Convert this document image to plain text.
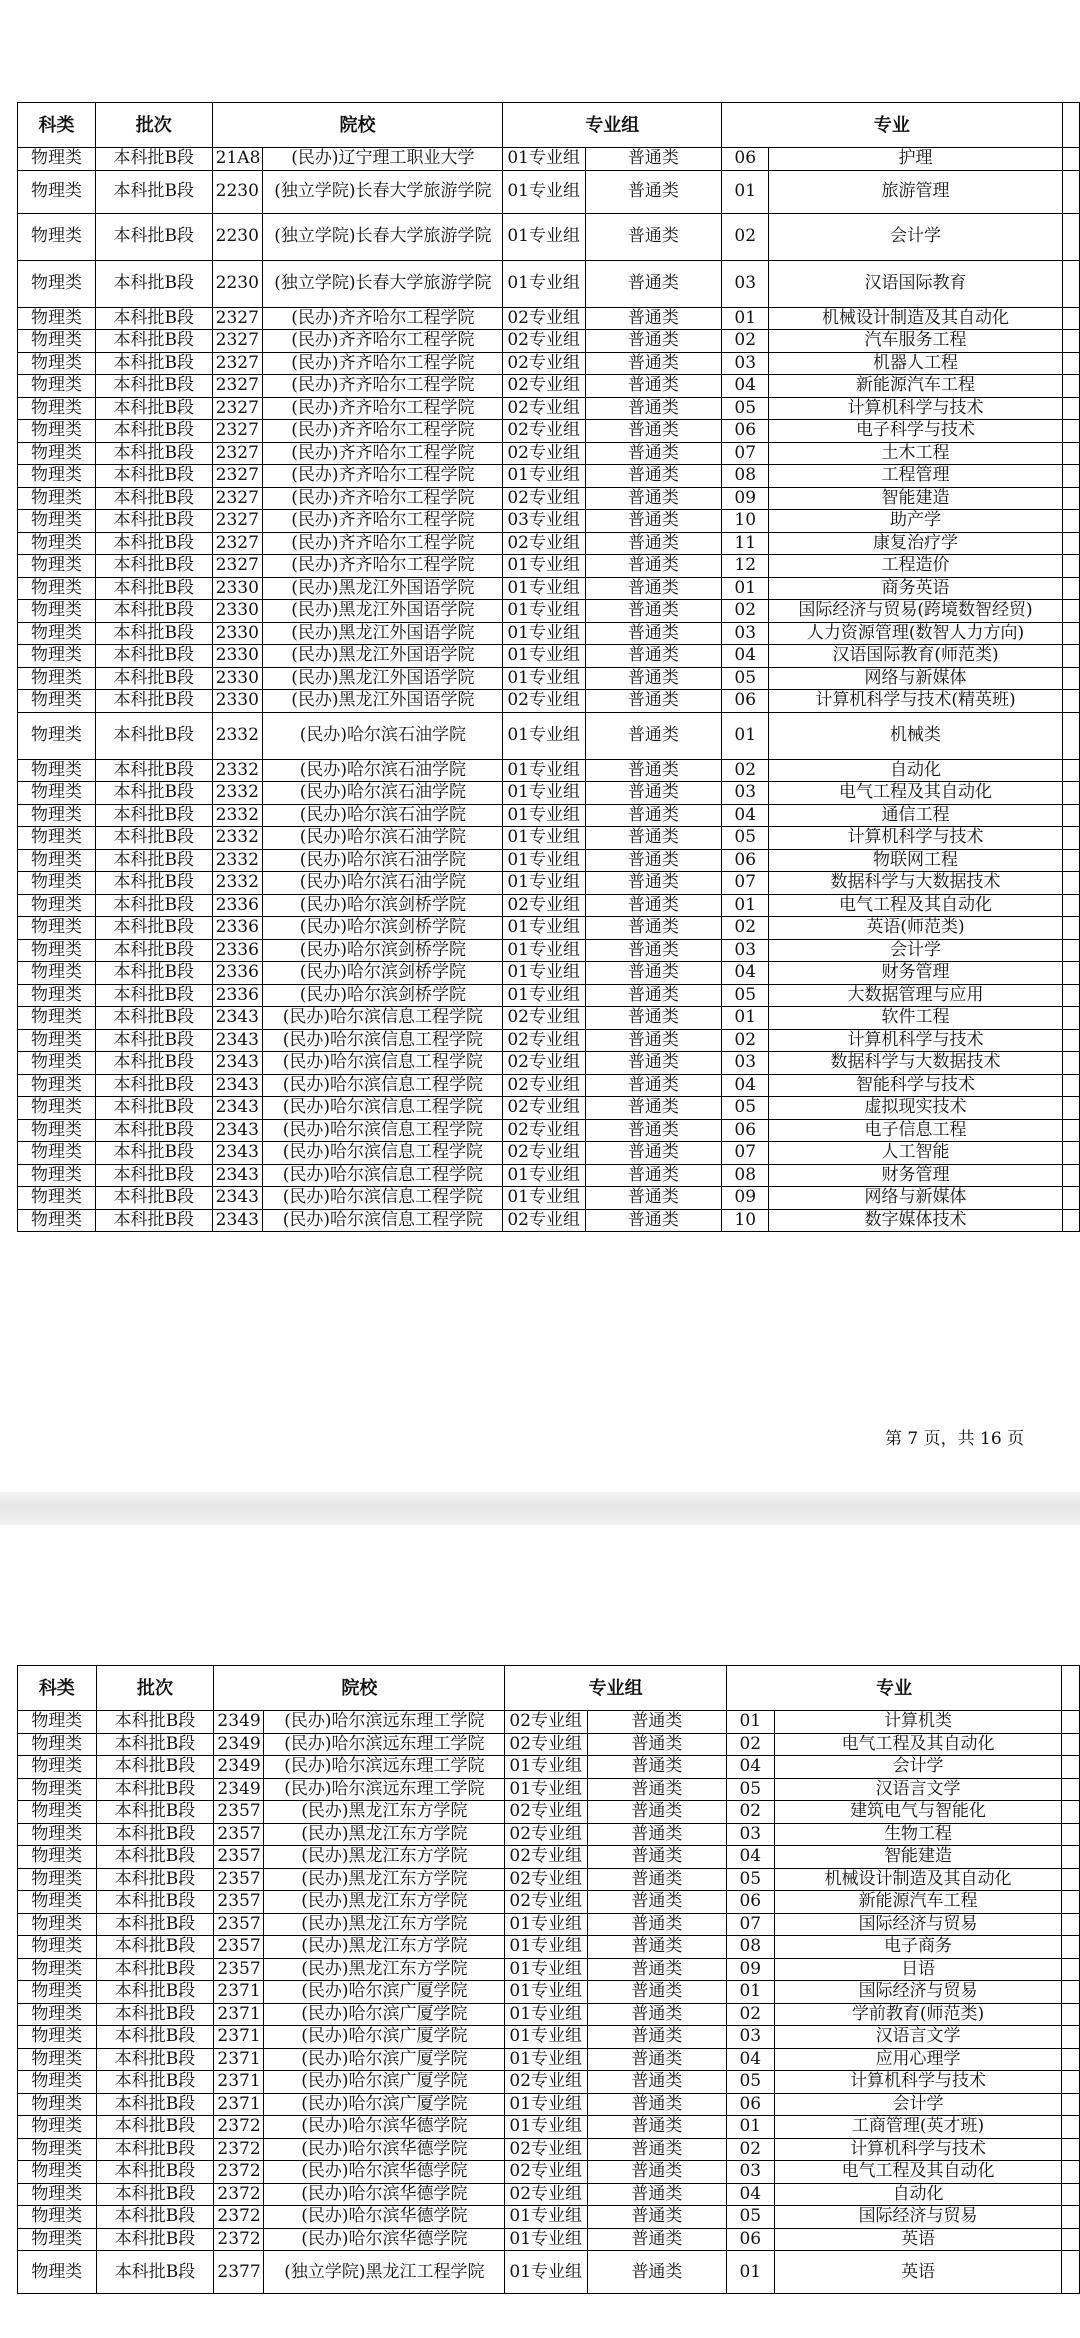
科类	批次	院校		专业组		专业		
物理类	本科批B段	21A8	(民办)辽宁理工职业大学	01专业组	普通类	06	护理	
物理类	本科批B段	2230	(独立学院)长春大学旅游学院	01专业组	普通类	01	旅游管理	
物理类	本科批B段	2230	(独立学院)长春大学旅游学院	01专业组	普通类	02	会计学	
物理类	本科批B段	2230	(独立学院)长春大学旅游学院	01专业组	普通类	03	汉语国际教育	
物理类	本科批B段	2327	(民办)齐齐哈尔工程学院	02专业组	普通类	01	机械设计制造及其自动化	
物理类	本科批B段	2327	(民办)齐齐哈尔工程学院	02专业组	普通类	02	汽车服务工程	
物理类	本科批B段	2327	(民办)齐齐哈尔工程学院	02专业组	普通类	03	机器人工程	
物理类	本科批B段	2327	(民办)齐齐哈尔工程学院	02专业组	普通类	04	新能源汽车工程	
物理类	本科批B段	2327	(民办)齐齐哈尔工程学院	02专业组	普通类	05	计算机科学与技术	
物理类	本科批B段	2327	(民办)齐齐哈尔工程学院	02专业组	普通类	06	电子科学与技术	
物理类	本科批B段	2327	(民办)齐齐哈尔工程学院	02专业组	普通类	07	土木工程	
物理类	本科批B段	2327	(民办)齐齐哈尔工程学院	01专业组	普通类	08	工程管理	
物理类	本科批B段	2327	(民办)齐齐哈尔工程学院	02专业组	普通类	09	智能建造	
物理类	本科批B段	2327	(民办)齐齐哈尔工程学院	03专业组	普通类	10	助产学	
物理类	本科批B段	2327	(民办)齐齐哈尔工程学院	02专业组	普通类	11	康复治疗学	
物理类	本科批B段	2327	(民办)齐齐哈尔工程学院	01专业组	普通类	12	工程造价	
物理类	本科批B段	2330	(民办)黑龙江外国语学院	01专业组	普通类	01	商务英语	
物理类	本科批B段	2330	(民办)黑龙江外国语学院	01专业组	普通类	02	国际经济与贸易(跨境数智经贸)	
物理类	本科批B段	2330	(民办)黑龙江外国语学院	01专业组	普通类	03	人力资源管理(数智人力方向)	
物理类	本科批B段	2330	(民办)黑龙江外国语学院	01专业组	普通类	04	汉语国际教育(师范类)	
物理类	本科批B段	2330	(民办)黑龙江外国语学院	01专业组	普通类	05	网络与新媒体	
物理类	本科批B段	2330	(民办)黑龙江外国语学院	02专业组	普通类	06	计算机科学与技术(精英班)	
物理类	本科批B段	2332	(民办)哈尔滨石油学院	01专业组	普通类	01	机械类	
物理类	本科批B段	2332	(民办)哈尔滨石油学院	01专业组	普通类	02	自动化	
物理类	本科批B段	2332	(民办)哈尔滨石油学院	01专业组	普通类	03	电气工程及其自动化	
物理类	本科批B段	2332	(民办)哈尔滨石油学院	01专业组	普通类	04	通信工程	
物理类	本科批B段	2332	(民办)哈尔滨石油学院	01专业组	普通类	05	计算机科学与技术	
物理类	本科批B段	2332	(民办)哈尔滨石油学院	01专业组	普通类	06	物联网工程	
物理类	本科批B段	2332	(民办)哈尔滨石油学院	01专业组	普通类	07	数据科学与大数据技术	
物理类	本科批B段	2336	(民办)哈尔滨剑桥学院	02专业组	普通类	01	电气工程及其自动化	
物理类	本科批B段	2336	(民办)哈尔滨剑桥学院	01专业组	普通类	02	英语(师范类)	
物理类	本科批B段	2336	(民办)哈尔滨剑桥学院	01专业组	普通类	03	会计学	
物理类	本科批B段	2336	(民办)哈尔滨剑桥学院	01专业组	普通类	04	财务管理	
物理类	本科批B段	2336	(民办)哈尔滨剑桥学院	01专业组	普通类	05	大数据管理与应用	
物理类	本科批B段	2343	(民办)哈尔滨信息工程学院	02专业组	普通类	01	软件工程	
物理类	本科批B段	2343	(民办)哈尔滨信息工程学院	02专业组	普通类	02	计算机科学与技术	
物理类	本科批B段	2343	(民办)哈尔滨信息工程学院	02专业组	普通类	03	数据科学与大数据技术	
物理类	本科批B段	2343	(民办)哈尔滨信息工程学院	02专业组	普通类	04	智能科学与技术	
物理类	本科批B段	2343	(民办)哈尔滨信息工程学院	02专业组	普通类	05	虚拟现实技术	
物理类	本科批B段	2343	(民办)哈尔滨信息工程学院	02专业组	普通类	06	电子信息工程	
物理类	本科批B段	2343	(民办)哈尔滨信息工程学院	02专业组	普通类	07	人工智能	
物理类	本科批B段	2343	(民办)哈尔滨信息工程学院	01专业组	普通类	08	财务管理	
物理类	本科批B段	2343	(民办)哈尔滨信息工程学院	01专业组	普通类	09	网络与新媒体	
物理类	本科批B段	2343	(民办)哈尔滨信息工程学院	02专业组	普通类	10	数字媒体技术	
第 7 页，共 16 页
科类	批次	院校		专业组		专业		
物理类	本科批B段	2349	(民办)哈尔滨远东理工学院	02专业组	普通类	01	计算机类	
物理类	本科批B段	2349	(民办)哈尔滨远东理工学院	02专业组	普通类	02	电气工程及其自动化	
物理类	本科批B段	2349	(民办)哈尔滨远东理工学院	01专业组	普通类	04	会计学	
物理类	本科批B段	2349	(民办)哈尔滨远东理工学院	01专业组	普通类	05	汉语言文学	
物理类	本科批B段	2357	(民办)黑龙江东方学院	02专业组	普通类	02	建筑电气与智能化	
物理类	本科批B段	2357	(民办)黑龙江东方学院	02专业组	普通类	03	生物工程	
物理类	本科批B段	2357	(民办)黑龙江东方学院	02专业组	普通类	04	智能建造	
物理类	本科批B段	2357	(民办)黑龙江东方学院	02专业组	普通类	05	机械设计制造及其自动化	
物理类	本科批B段	2357	(民办)黑龙江东方学院	02专业组	普通类	06	新能源汽车工程	
物理类	本科批B段	2357	(民办)黑龙江东方学院	01专业组	普通类	07	国际经济与贸易	
物理类	本科批B段	2357	(民办)黑龙江东方学院	01专业组	普通类	08	电子商务	
物理类	本科批B段	2357	(民办)黑龙江东方学院	01专业组	普通类	09	日语	
物理类	本科批B段	2371	(民办)哈尔滨广厦学院	01专业组	普通类	01	国际经济与贸易	
物理类	本科批B段	2371	(民办)哈尔滨广厦学院	01专业组	普通类	02	学前教育(师范类)	
物理类	本科批B段	2371	(民办)哈尔滨广厦学院	01专业组	普通类	03	汉语言文学	
物理类	本科批B段	2371	(民办)哈尔滨广厦学院	01专业组	普通类	04	应用心理学	
物理类	本科批B段	2371	(民办)哈尔滨广厦学院	02专业组	普通类	05	计算机科学与技术	
物理类	本科批B段	2371	(民办)哈尔滨广厦学院	01专业组	普通类	06	会计学	
物理类	本科批B段	2372	(民办)哈尔滨华德学院	01专业组	普通类	01	工商管理(英才班)	
物理类	本科批B段	2372	(民办)哈尔滨华德学院	02专业组	普通类	02	计算机科学与技术	
物理类	本科批B段	2372	(民办)哈尔滨华德学院	02专业组	普通类	03	电气工程及其自动化	
物理类	本科批B段	2372	(民办)哈尔滨华德学院	02专业组	普通类	04	自动化	
物理类	本科批B段	2372	(民办)哈尔滨华德学院	01专业组	普通类	05	国际经济与贸易	
物理类	本科批B段	2372	(民办)哈尔滨华德学院	01专业组	普通类	06	英语	
物理类	本科批B段	2377	(独立学院)黑龙江工程学院	01专业组	普通类	01	英语	
